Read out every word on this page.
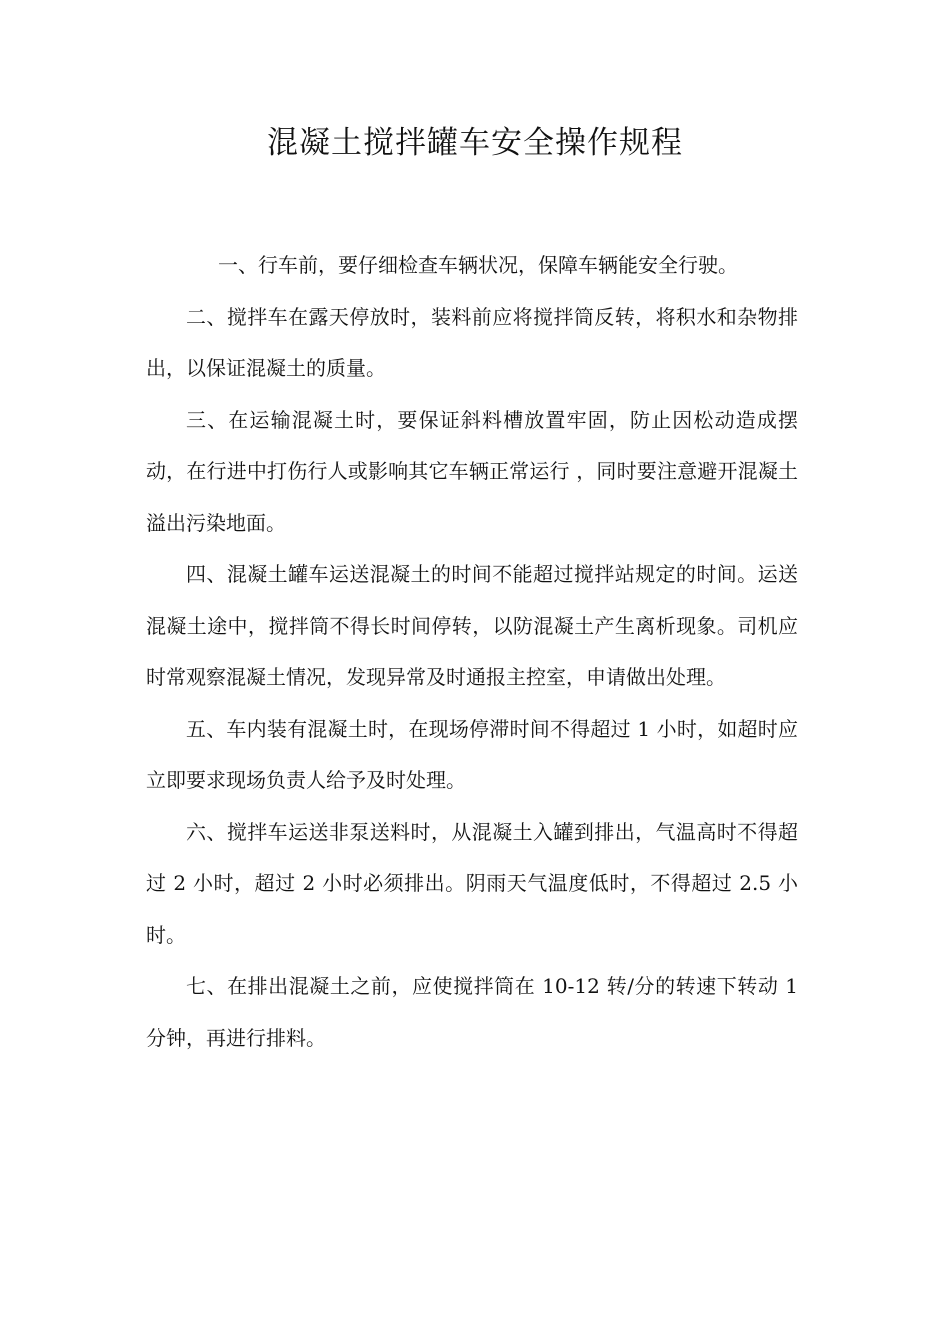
混凝土搅拌罐车安全操作规程

一、行车前，要仔细检查车辆状况，保障车辆能安全行驶。

二、搅拌车在露天停放时，装料前应将搅拌筒反转，将积水和杂物排出，以保证混凝土的质量。

三、在运输混凝土时，要保证斜料槽放置牢固，防止因松动造成摆动，在行进中打伤行人或影响其它车辆正常运行 ，同时要注意避开混凝土溢出污染地面。

四、混凝土罐车运送混凝土的时间不能超过搅拌站规定的时间。运送混凝土途中，搅拌筒不得长时间停转，以防混凝土产生离析现象。司机应时常观察混凝土情况，发现异常及时通报主控室，申请做出处理。

五、车内装有混凝土时，在现场停滞时间不得超过 1 小时，如超时应立即要求现场负责人给予及时处理。

六、搅拌车运送非泵送料时，从混凝土入罐到排出，气温高时不得超过 2 小时，超过 2 小时必须排出。阴雨天气温度低时，不得超过 2.5 小时。

七、在排出混凝土之前，应使搅拌筒在 10-12 转/分的转速下转动 1 分钟，再进行排料。
